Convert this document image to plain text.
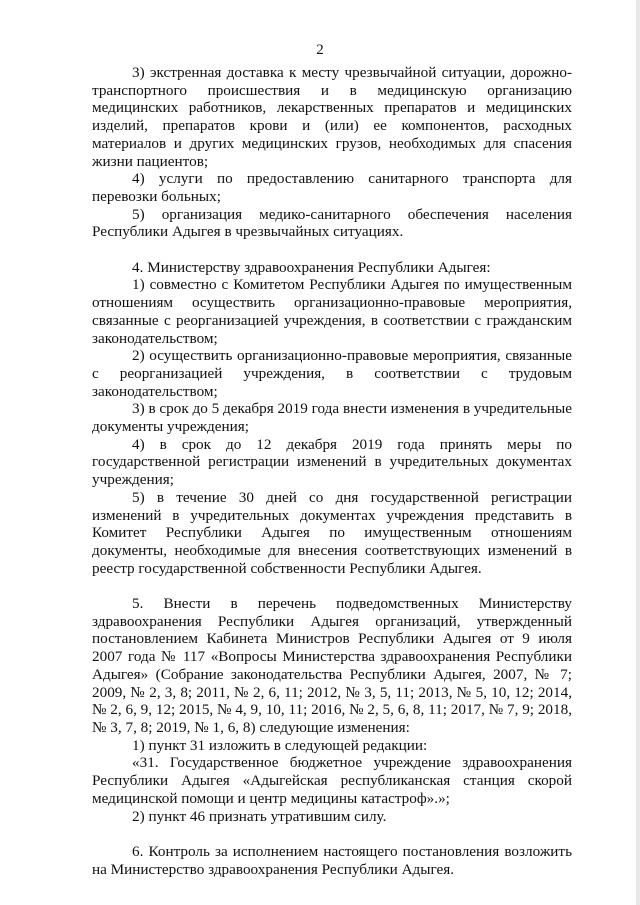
2

3) экстренная доставка к месту чрезвычайной ситуации, дорожно-транспортного происшествия и в медицинскую организацию медицинских работников, лекарственных препаратов и медицинских изделий, препаратов крови и (или) ее компонентов, расходных материалов и других медицинских грузов, необходимых для спасения жизни пациентов;

4) услуги по предоставлению санитарного транспорта для перевозки больных;

5) организация медико-санитарного обеспечения населения Республики Адыгея в чрезвычайных ситуациях.

4. Министерству здравоохранения Республики Адыгея:

1) совместно с Комитетом Республики Адыгея по имущественным отношениям осуществить организационно-правовые мероприятия, связанные с реорганизацией учреждения, в соответствии с гражданским законодательством;

2) осуществить организационно-правовые мероприятия, связанные с реорганизацией учреждения, в соответствии с трудовым законодательством;

3) в срок до 5 декабря 2019 года внести изменения в учредительные документы учреждения;

4) в срок до 12 декабря 2019 года принять меры по государственной регистрации изменений в учредительных документах учреждения;

5) в течение 30 дней со дня государственной регистрации изменений в учредительных документах учреждения представить в Комитет Республики Адыгея по имущественным отношениям документы, необходимые для внесения соответствующих изменений в реестр государственной собственности Республики Адыгея.

5. Внести в перечень подведомственных Министерству здравоохранения Республики Адыгея организаций, утвержденный постановлением Кабинета Министров Республики Адыгея от 9 июля 2007 года № 117 «Вопросы Министерства здравоохранения Республики Адыгея» (Собрание законодательства Республики Адыгея, 2007, № 7; 2009, № 2, 3, 8; 2011, № 2, 6, 11; 2012, № 3, 5, 11; 2013, № 5, 10, 12; 2014, № 2, 6, 9, 12; 2015, № 4, 9, 10, 11; 2016, № 2, 5, 6, 8, 11; 2017, № 7, 9; 2018, № 3, 7, 8; 2019, № 1, 6, 8) следующие изменения:

1) пункт 31 изложить в следующей редакции:

«31. Государственное бюджетное учреждение здравоохранения Республики Адыгея «Адыгейская республиканская станция скорой медицинской помощи и центр медицины катастроф».»;

2) пункт 46 признать утратившим силу.

6. Контроль за исполнением настоящего постановления возложить на Министерство здравоохранения Республики Адыгея.
